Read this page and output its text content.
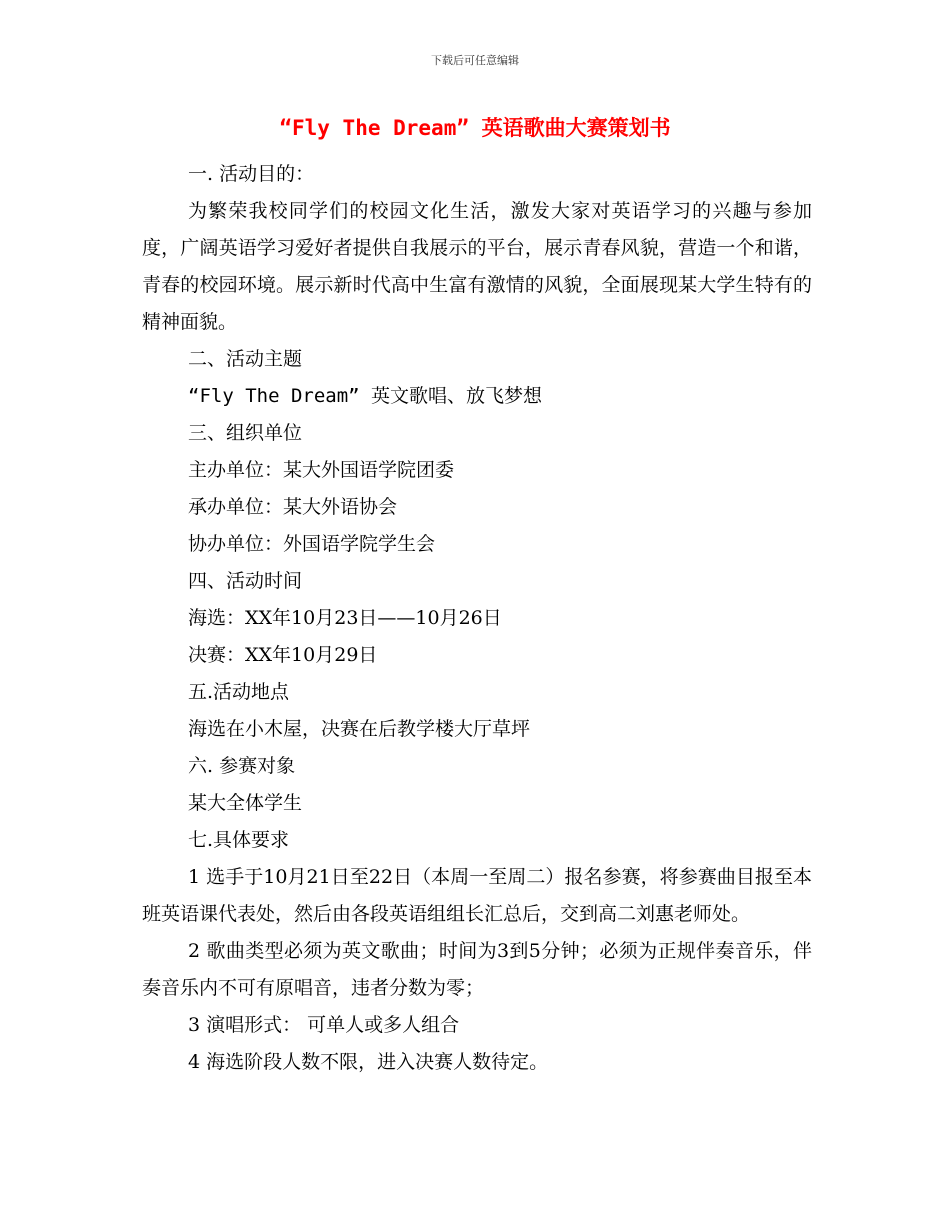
下载后可任意编辑
“Fly The Dream” 英语歌曲大赛策划书

一. 活动目的：

为繁荣我校同学们的校园文化生活，激发大家对英语学习的兴趣与参加度，广阔英语学习爱好者提供自我展示的平台，展示青春风貌，营造一个和谐，青春的校园环境。展示新时代高中生富有激情的风貌，全面展现某大学生特有的精神面貌。

二、活动主题

“Fly The Dream” 英文歌唱、放飞梦想

三、组织单位

主办单位：某大外国语学院团委

承办单位：某大外语协会

协办单位：外国语学院学生会

四、活动时间

海选：XX年10月23日——10月26日

决赛：XX年10月29日

五.活动地点

海选在小木屋，决赛在后教学楼大厅草坪

六. 参赛对象

某大全体学生

七.具体要求

1 选手于10月21日至22日（本周一至周二）报名参赛，将参赛曲目报至本班英语课代表处，然后由各段英语组组长汇总后，交到高二刘惠老师处。

2 歌曲类型必须为英文歌曲；时间为3到5分钟；必须为正规伴奏音乐，伴奏音乐内不可有原唱音，违者分数为零；

3 演唱形式： 可单人或多人组合

4 海选阶段人数不限，进入决赛人数待定。
